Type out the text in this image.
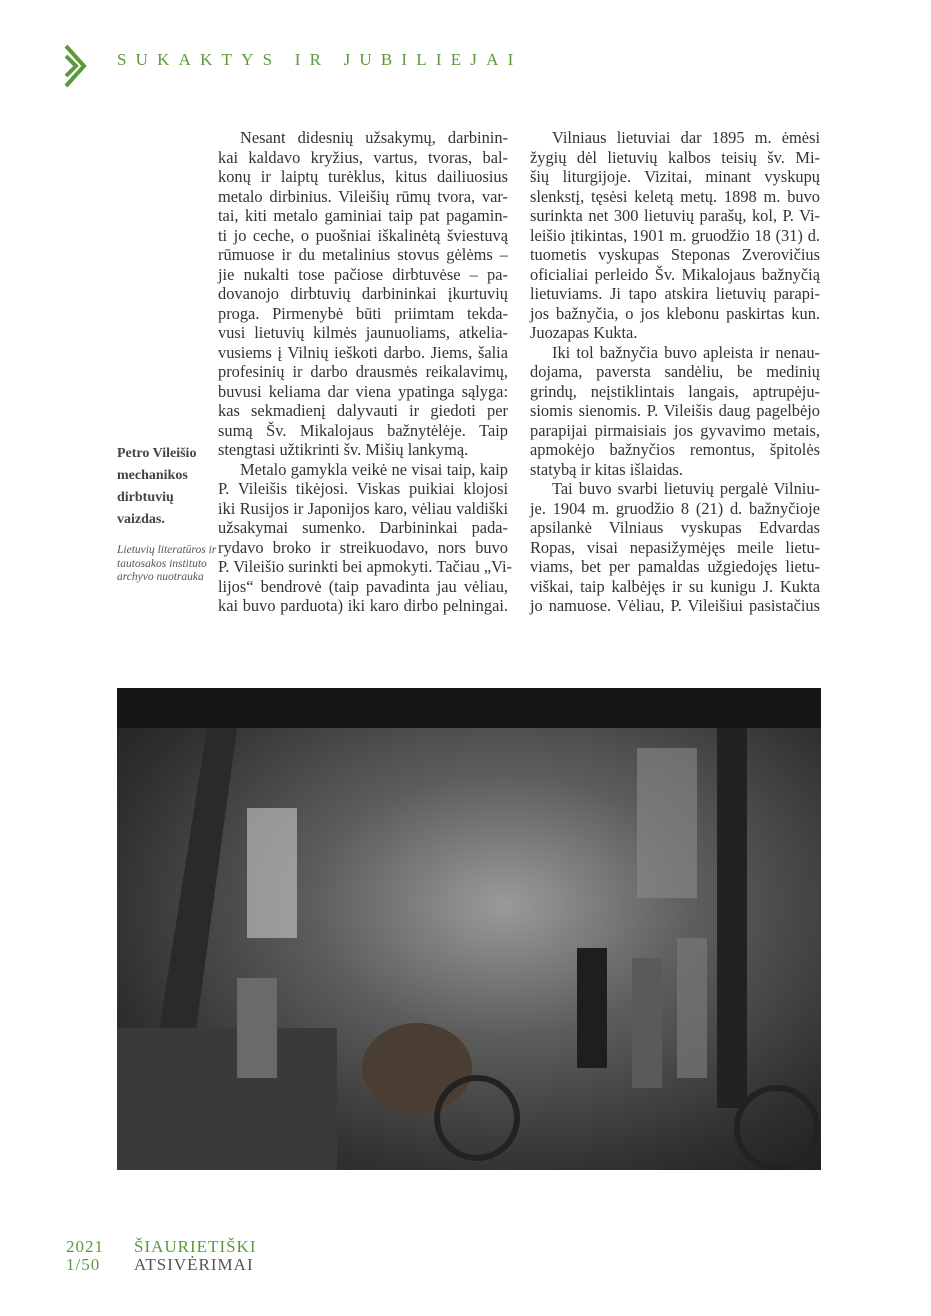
SUKAKTYS IR JUBILIEJAI
Nesant didesnių užsakymų, darbinin-
kai kaldavo kryžius, vartus, tvoras, bal-
konų ir laiptų turėklus, kitus dailiuosius
metalo dirbinius. Vileišių rūmų tvora, var-
tai, kiti metalo gaminiai taip pat pagamin-
ti jo ceche, o puošniai iškalinėtą šviestuvą
rūmuose ir du metalinius stovus gėlėms –
jie nukalti tose pačiose dirbtuvėse – pa-
dovanojo dirbtuvių darbininkai įkurtuvių
proga. Pirmenybė būti priimtam tekda-
vusi lietuvių kilmės jaunuoliams, atkelia-
vusiems į Vilnių ieškoti darbo. Jiems, šalia
profesinių ir darbo drausmės reikalavimų,
buvusi keliama dar viena ypatinga sąlyga:
kas sekmadienį dalyvauti ir giedoti per
sumą Šv. Mikalojaus bažnytėlėje. Taip
stengtasi užtikrinti šv. Mišių lankymą.
Metalo gamykla veikė ne visai taip, kaip
P. Vileišis tikėjosi. Viskas puikiai klojosi
iki Rusijos ir Japonijos karo, vėliau valdiški
užsakymai sumenko. Darbininkai pada-
rydavo broko ir streikuodavo, nors buvo
P. Vileišio surinkti bei apmokyti. Tačiau „Vi-
lijos“ bendrovė (taip pavadinta jau vėliau,
kai buvo parduota) iki karo dirbo pelningai.
Vilniaus lietuviai dar 1895 m. ėmėsi
žygių dėl lietuvių kalbos teisių šv. Mi-
šių liturgijoje. Vizitai, minant vyskupų
slenkstį, tęsėsi keletą metų. 1898 m. buvo
surinkta net 300 lietuvių parašų, kol, P. Vi-
leišio įtikintas, 1901 m. gruodžio 18 (31) d.
tuometis vyskupas Steponas Zverovičius
oficialiai perleido Šv. Mikalojaus bažnyčią
lietuviams. Ji tapo atskira lietuvių parapi-
jos bažnyčia, o jos klebonu paskirtas kun.
Juozapas Kukta.
Iki tol bažnyčia buvo apleista ir nenau-
dojama, paversta sandėliu, be medinių
grindų, neįstiklintais langais, aptrupėju-
siomis sienomis. P. Vileišis daug pagelbėjo
parapijai pirmaisiais jos gyvavimo metais,
apmokėjo bažnyčios remontus, špitolės
statybą ir kitas išlaidas.
Tai buvo svarbi lietuvių pergalė Vilniu-
je. 1904 m. gruodžio 8 (21) d. bažnyčioje
apsilankė Vilniaus vyskupas Edvardas
Ropas, visai nepasižymėjęs meile lietu-
viams, bet per pamaldas užgiedojęs lietu-
viškai, taip kalbėjęs ir su kunigu J. Kukta
jo namuose. Vėliau, P. Vileišiui pasistačius
Petro Vileišio mechanikos dirbtuvių vaizdas.
Lietuvių literatūros ir tautosakos instituto archyvo nuotrauka
2021 ŠIAURIETIŠKI
1/50 ATSIVĖRIMAI
